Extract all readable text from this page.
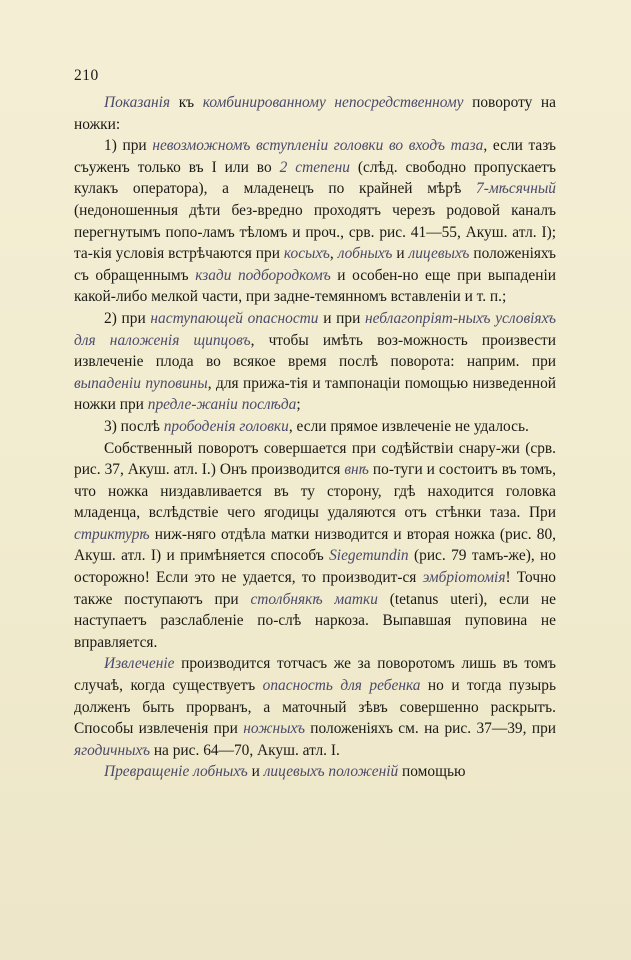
210

Показанія къ комбинированному непосредственному повороту на ножки:

1) при невозможномъ вступленіи головки во входъ таза, если тазъ съуженъ только въ I или во 2 степени (слѣд. свободно пропускаетъ кулакъ оператора), а младенецъ по крайней мѣрѣ 7-мѣсячный (недоношенныя дѣти без-вредно проходятъ черезъ родовой каналъ перегнутымъ попо-ламъ тѣломъ и проч., срв. рис. 41—55, Акуш. атл. I); та-кія условія встрѣчаются при косыхъ, лобныхъ и лицевыхъ положеніяхъ съ обращеннымъ кзади подбородкомъ и особен-но еще при выпаденіи какой-либо мелкой части, при задне-темянномъ вставленіи и т. п.;

2) при наступающей опасности и при неблагопріят-ныхъ условіяхъ для наложенія щипцовъ, чтобы имѣть воз-можность произвести извлеченіе плода во всякое время послѣ поворота: наприм. при выпаденіи пуповины, для прижа-тія и тампонаціи помощью низведенной ножки при предле-жаніи послѣда;

3) послѣ прободенія головки, если прямое извлеченіе не удалось.

Собственный поворотъ совершается при содѣйствіи снару-жи (срв. рис. 37, Акуш. атл. I.) Онъ производится внѣ по-туги и состоитъ въ томъ, что ножка низдавливается въ ту сторону, гдѣ находится головка младенца, вслѣдствіе чего ягодицы удаляются отъ стѣнки таза. При стриктурѣ ниж-няго отдѣла матки низводится и вторая ножка (рис. 80, Акуш. атл. I) и примѣняется способъ Siegemundin (рис. 79 тамъ-же), но осторожно! Если это не удается, то производит-ся эмбріотомія! Точно также поступаютъ при столбнякѣ матки (tetanus uteri), если не наступаетъ разслабленіе по-слѣ наркоза. Выпавшая пуповина не вправляется.

Извлеченіе производится тотчасъ же за поворотомъ лишь въ томъ случаѣ, когда существуетъ опасность для ребенка но и тогда пузырь долженъ быть прорванъ, а маточный зѣвъ совершенно раскрытъ. Способы извлеченія при ножныхъ положеніяхъ см. на рис. 37—39, при ягодичныхъ на рис. 64—70, Акуш. атл. I.

Превращеніе лобныхъ и лицевыхъ положеній помощью
